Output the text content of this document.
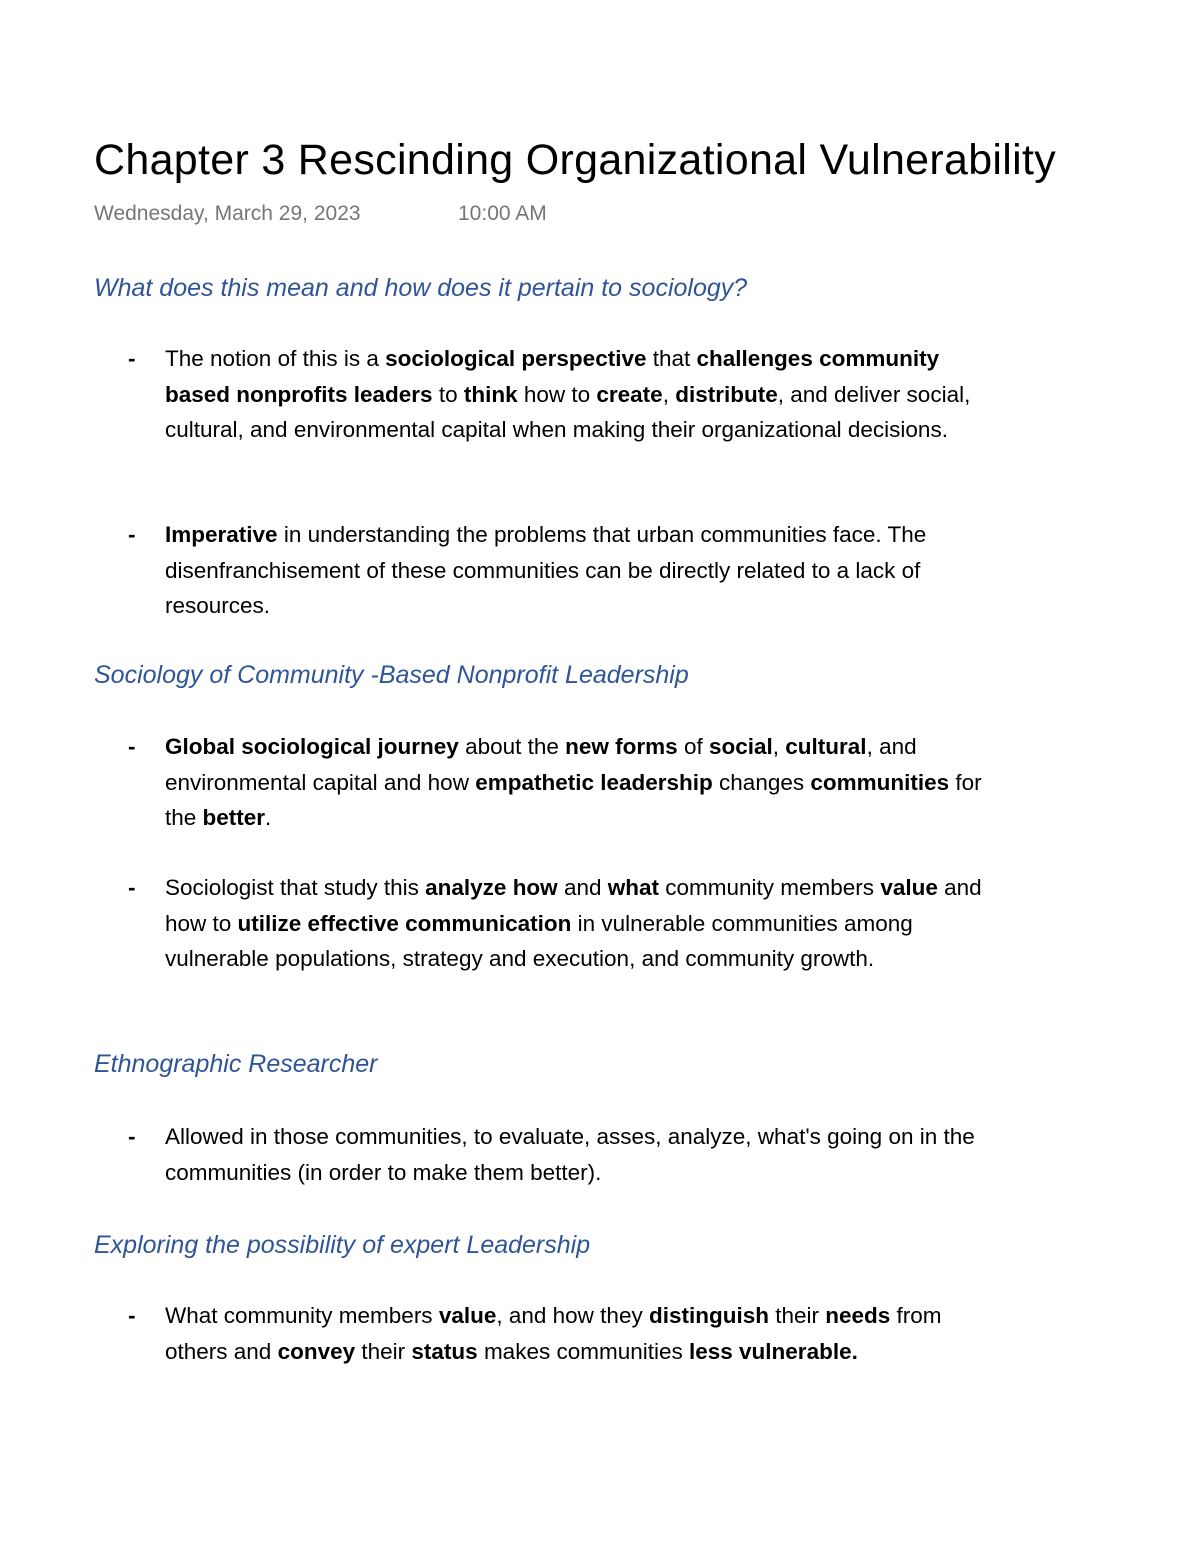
Chapter 3 Rescinding Organizational Vulnerability
Wednesday, March 29, 2023	10:00 AM
What does this mean and how does it pertain to sociology?
- The notion of this is a sociological perspective that challenges community based nonprofits leaders to think how to create, distribute, and deliver social, cultural, and environmental capital when making their organizational decisions.
- Imperative in understanding the problems that urban communities face. The disenfranchisement of these communities can be directly related to a lack of resources.
Sociology of Community -Based Nonprofit Leadership
- Global sociological journey about the new forms of social, cultural, and environmental capital and how empathetic leadership changes communities for the better.
- Sociologist that study this analyze how and what community members value and how to utilize effective communication in vulnerable communities among vulnerable populations, strategy and execution, and community growth.
Ethnographic Researcher
- Allowed in those communities, to evaluate, asses, analyze, what's going on in the communities (in order to make them better).
Exploring the possibility of expert Leadership
- What community members value, and how they distinguish their needs from others and convey their status makes communities less vulnerable.
